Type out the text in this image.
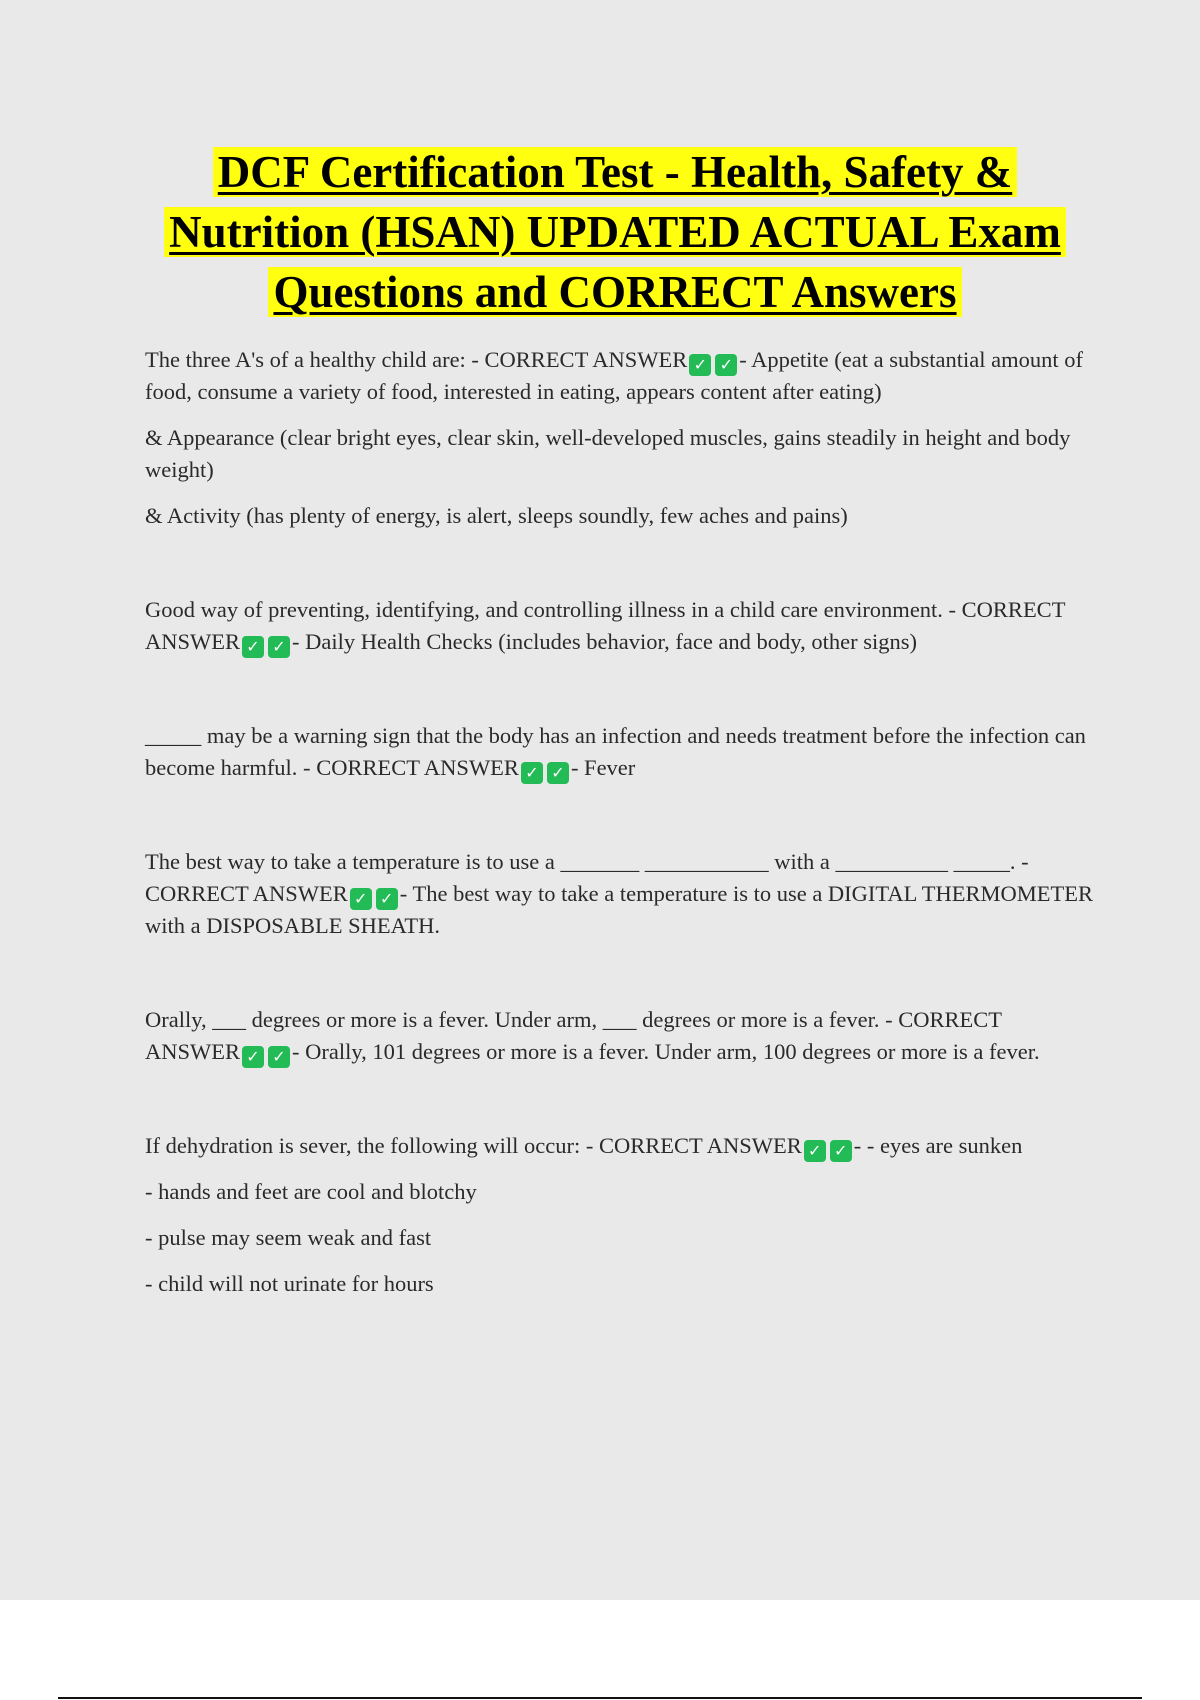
DCF Certification Test - Health, Safety & Nutrition (HSAN) UPDATED ACTUAL Exam Questions and CORRECT Answers

The three A's of a healthy child are: - CORRECT ANSWER ✓ ✓ - Appetite (eat a substantial amount of food, consume a variety of food, interested in eating, appears content after eating)

& Appearance (clear bright eyes, clear skin, well-developed muscles, gains steadily in height and body weight)

& Activity (has plenty of energy, is alert, sleeps soundly, few aches and pains)

Good way of preventing, identifying, and controlling illness in a child care environment. - CORRECT ANSWER ✓ ✓ - Daily Health Checks (includes behavior, face and body, other signs)

_____ may be a warning sign that the body has an infection and needs treatment before the infection can become harmful. - CORRECT ANSWER ✓ ✓ - Fever

The best way to take a temperature is to use a _______ ___________ with a __________ _____. - CORRECT ANSWER ✓ ✓ - The best way to take a temperature is to use a DIGITAL THERMOMETER with a DISPOSABLE SHEATH.

Orally, ___ degrees or more is a fever. Under arm, ___ degrees or more is a fever. - CORRECT ANSWER ✓ ✓ - Orally, 101 degrees or more is a fever. Under arm, 100 degrees or more is a fever.

If dehydration is sever, the following will occur: - CORRECT ANSWER ✓ ✓ - - eyes are sunken

- hands and feet are cool and blotchy

- pulse may seem weak and fast

- child will not urinate for hours
